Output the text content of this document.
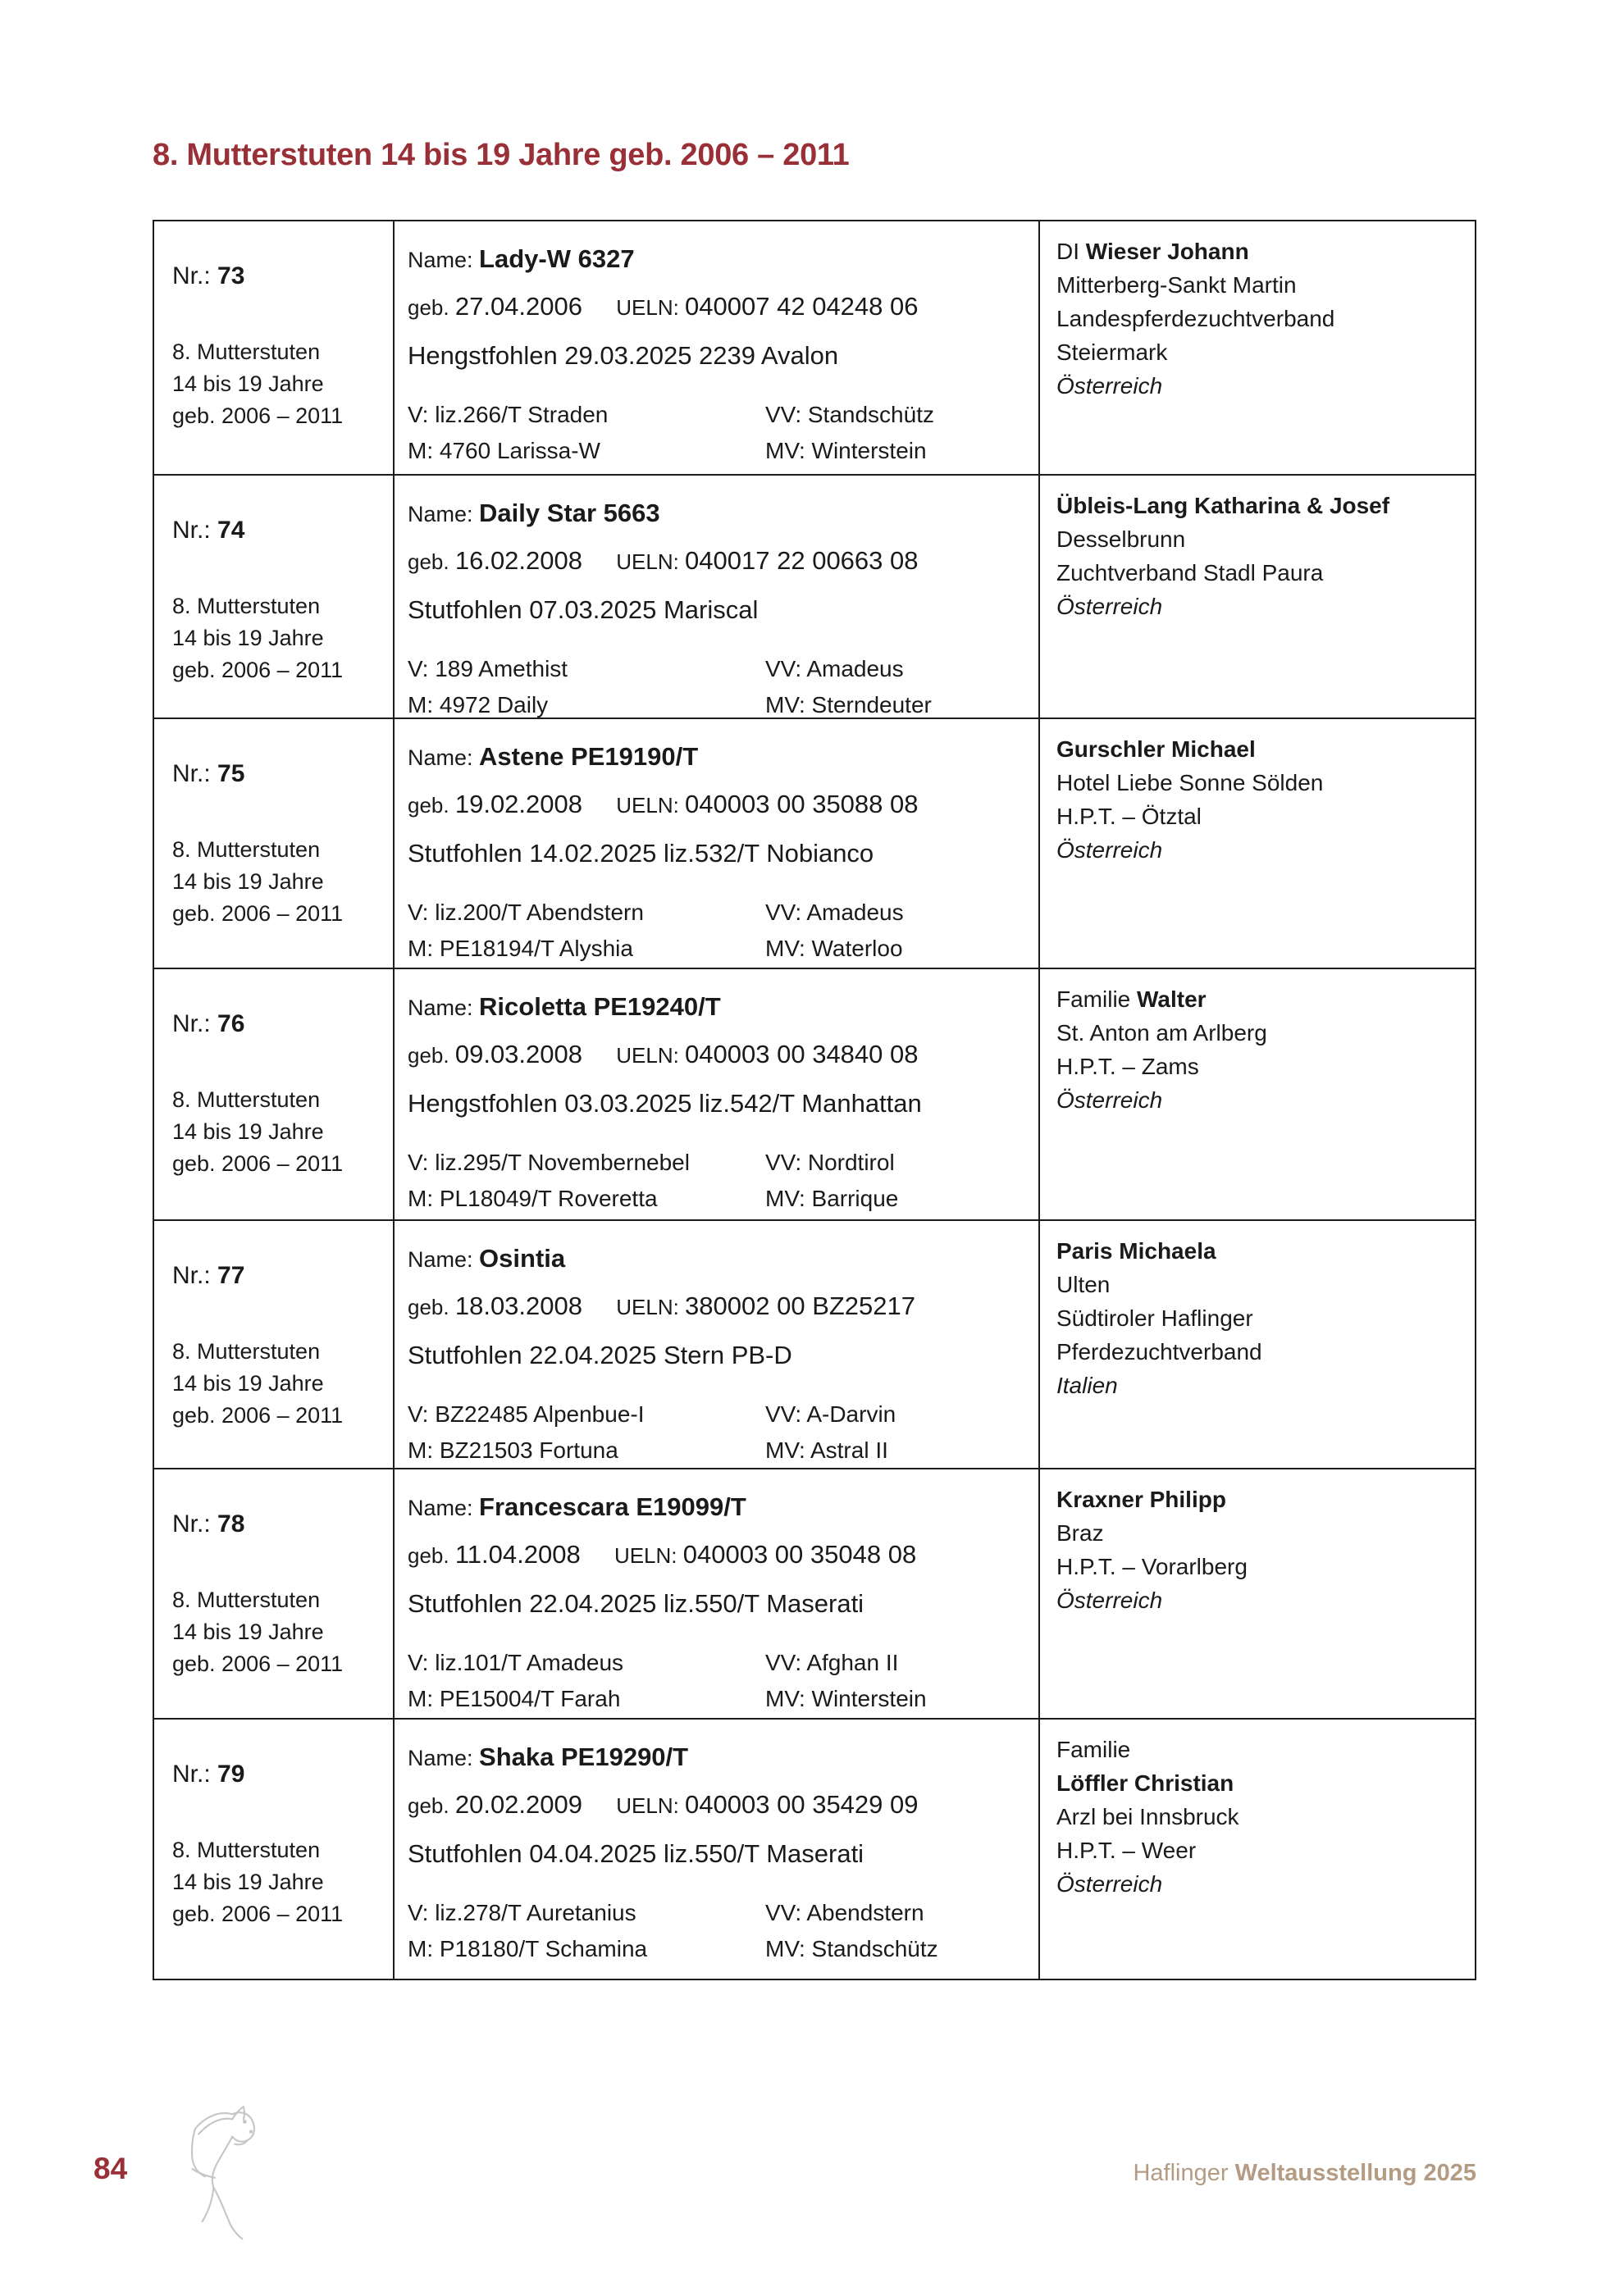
8. Mutterstuten 14 bis 19 Jahre geb. 2006 – 2011
Nr.: 73
8. Mutterstuten
14 bis 19 Jahre
geb. 2006 – 2011
Name: Lady-W 6327
geb. 27.04.2006 UELN: 040007 42 04248 06
Hengstfohlen 29.03.2025 2239 Avalon
V: liz.266/T Straden
M: 4760 Larissa-W
VV: Standschütz
MV: Winterstein
DI Wieser Johann
Mitterberg-Sankt Martin
Landespferdezuchtverband
Steiermark
Österreich
Nr.: 74
8. Mutterstuten
14 bis 19 Jahre
geb. 2006 – 2011
Name: Daily Star 5663
geb. 16.02.2008 UELN: 040017 22 00663 08
Stutfohlen 07.03.2025 Mariscal
V: 189 Amethist
M: 4972 Daily
VV: Amadeus
MV: Sterndeuter
Übleis-Lang Katharina & Josef
Desselbrunn
Zuchtverband Stadl Paura
Österreich
Nr.: 75
8. Mutterstuten
14 bis 19 Jahre
geb. 2006 – 2011
Name: Astene PE19190/T
geb. 19.02.2008 UELN: 040003 00 35088 08
Stutfohlen 14.02.2025 liz.532/T Nobianco
V: liz.200/T Abendstern
M: PE18194/T Alyshia
VV: Amadeus
MV: Waterloo
Gurschler Michael
Hotel Liebe Sonne Sölden
H.P.T. – Ötztal
Österreich
Nr.: 76
8. Mutterstuten
14 bis 19 Jahre
geb. 2006 – 2011
Name: Ricoletta PE19240/T
geb. 09.03.2008 UELN: 040003 00 34840 08
Hengstfohlen 03.03.2025 liz.542/T Manhattan
V: liz.295/T Novembernebel
M: PL18049/T Roveretta
VV: Nordtirol
MV: Barrique
Familie Walter
St. Anton am Arlberg
H.P.T. – Zams
Österreich
Nr.: 77
8. Mutterstuten
14 bis 19 Jahre
geb. 2006 – 2011
Name: Osintia
geb. 18.03.2008 UELN: 380002 00 BZ25217
Stutfohlen 22.04.2025 Stern PB-D
V: BZ22485 Alpenbue-I
M: BZ21503 Fortuna
VV: A-Darvin
MV: Astral II
Paris Michaela
Ulten
Südtiroler Haflinger
Pferdezuchtverband
Italien
Nr.: 78
8. Mutterstuten
14 bis 19 Jahre
geb. 2006 – 2011
Name: Francescara E19099/T
geb. 11.04.2008 UELN: 040003 00 35048 08
Stutfohlen 22.04.2025 liz.550/T Maserati
V: liz.101/T Amadeus
M: PE15004/T Farah
VV: Afghan II
MV: Winterstein
Kraxner Philipp
Braz
H.P.T. – Vorarlberg
Österreich
Nr.: 79
8. Mutterstuten
14 bis 19 Jahre
geb. 2006 – 2011
Name: Shaka PE19290/T
geb. 20.02.2009 UELN: 040003 00 35429 09
Stutfohlen 04.04.2025 liz.550/T Maserati
V: liz.278/T Auretanius
M: P18180/T Schamina
VV: Abendstern
MV: Standschütz
Familie
Löffler Christian
Arzl bei Innsbruck
H.P.T. – Weer
Österreich
84	Haflinger Weltausstellung 2025
